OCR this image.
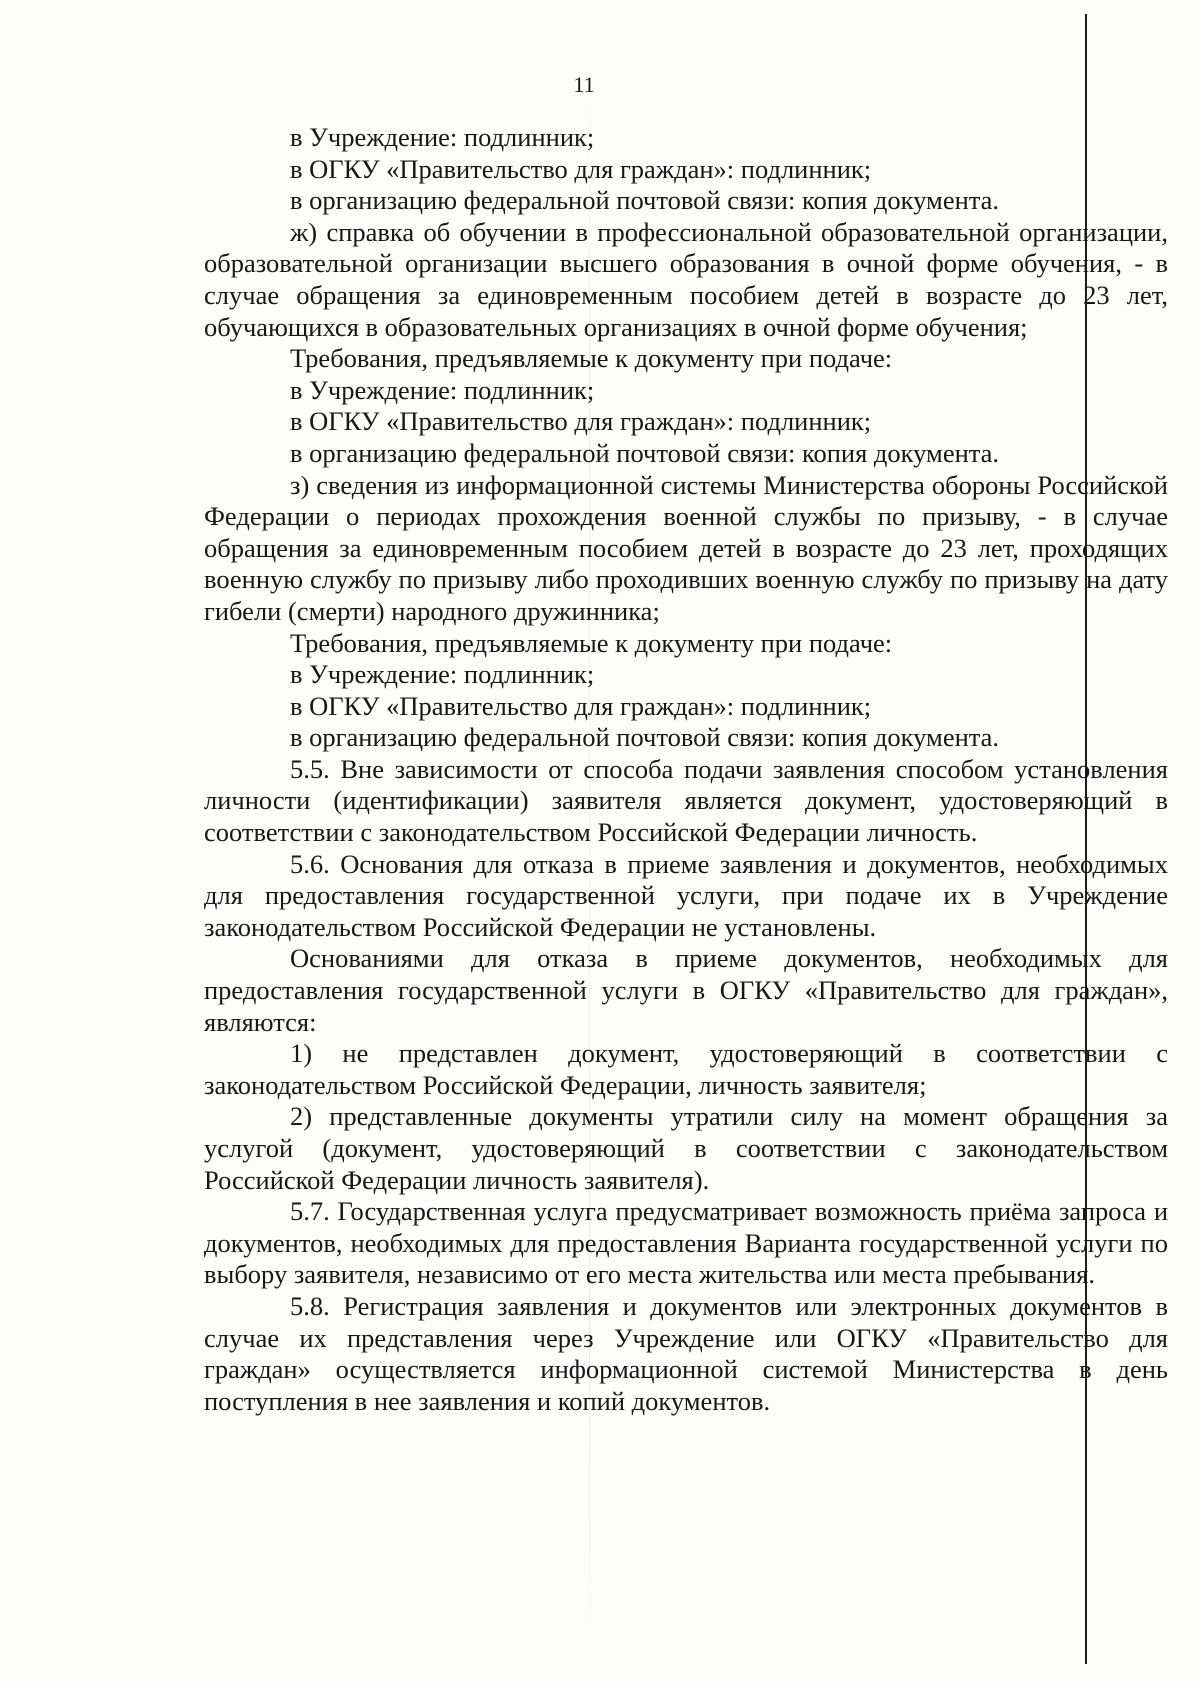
11

в Учреждение: подлинник;

в ОГКУ «Правительство для граждан»: подлинник;

в организацию федеральной почтовой связи: копия документа.

ж) справка об обучении в профессиональной образовательной организации, образовательной организации высшего образования в очной форме обучения, - в случае обращения за единовременным пособием детей в возрасте до 23 лет, обучающихся в образовательных организациях в очной форме обучения;

Требования, предъявляемые к документу при подаче:

в Учреждение: подлинник;

в ОГКУ «Правительство для граждан»: подлинник;

в организацию федеральной почтовой связи: копия документа.

з) сведения из информационной системы Министерства обороны Российской Федерации о периодах прохождения военной службы по призыву, - в случае обращения за единовременным пособием детей в возрасте до 23 лет, проходящих военную службу по призыву либо проходивших военную службу по призыву на дату гибели (смерти) народного дружинника;

Требования, предъявляемые к документу при подаче:

в Учреждение: подлинник;

в ОГКУ «Правительство для граждан»: подлинник;

в организацию федеральной почтовой связи: копия документа.

5.5. Вне зависимости от способа подачи заявления способом установления личности (идентификации) заявителя является документ, удостоверяющий в соответствии с законодательством Российской Федерации личность.

5.6. Основания для отказа в приеме заявления и документов, необходимых для предоставления государственной услуги, при подаче их в Учреждение законодательством Российской Федерации не установлены.

Основаниями для отказа в приеме документов, необходимых для предоставления государственной услуги в ОГКУ «Правительство для граждан», являются:

1) не представлен документ, удостоверяющий в соответствии с законодательством Российской Федерации, личность заявителя;

2) представленные документы утратили силу на момент обращения за услугой (документ, удостоверяющий в соответствии с законодательством Российской Федерации личность заявителя).

5.7. Государственная услуга предусматривает возможность приёма запроса и документов, необходимых для предоставления Варианта государственной услуги по выбору заявителя, независимо от его места жительства или места пребывания.

5.8. Регистрация заявления и документов или электронных документов в случае их представления через Учреждение или ОГКУ «Правительство для граждан» осуществляется информационной системой Министерства в день поступления в нее заявления и копий документов.
